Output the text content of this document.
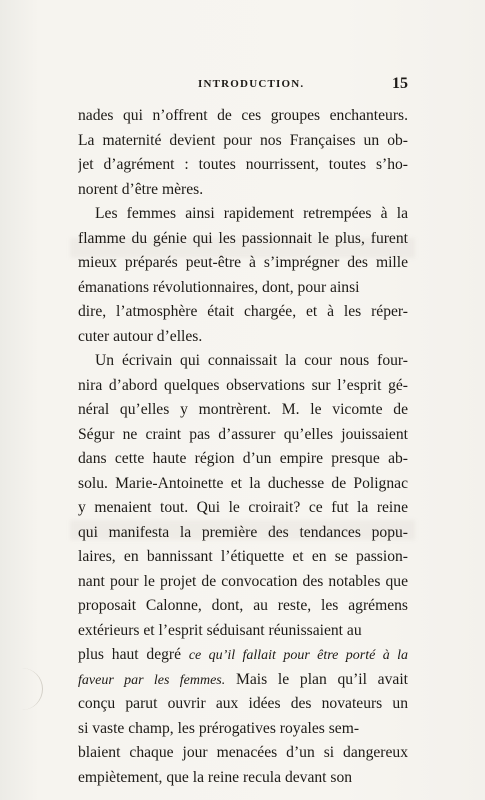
INTRODUCTION.	15
nades qui n’offrent de ces groupes enchanteurs.
La maternité devient pour nos Françaises un ob-
jet d’agrément : toutes nourrissent, toutes s’ho-
norent d’être mères.
Les femmes ainsi rapidement retrempées à la
flamme du génie qui les passionnait le plus, furent
mieux préparés peut-être à s’imprégner des mille
émanations révolutionnaires, dont, pour ainsi
dire, l’atmosphère était chargée, et à les réper-
cuter autour d’elles.
Un écrivain qui connaissait la cour nous four-
nira d’abord quelques observations sur l’esprit gé-
néral qu’elles y montrèrent. M. le vicomte de
Ségur ne craint pas d’assurer qu’elles jouissaient
dans cette haute région d’un empire presque ab-
solu. Marie-Antoinette et la duchesse de Polignac
y menaient tout. Qui le croirait? ce fut la reine
qui manifesta la première des tendances popu-
laires, en bannissant l’étiquette et en se passion-
nant pour le projet de convocation des notables que
proposait Calonne, dont, au reste, les agrémens
extérieurs et l’esprit séduisant réunissaient au
plus haut degré ce qu’il fallait pour être porté à la
faveur par les femmes. Mais le plan qu’il avait
conçu parut ouvrir aux idées des novateurs un
si vaste champ, les prérogatives royales sem-
blaient chaque jour menacées d’un si dangereux
empiètement, que la reine recula devant son
